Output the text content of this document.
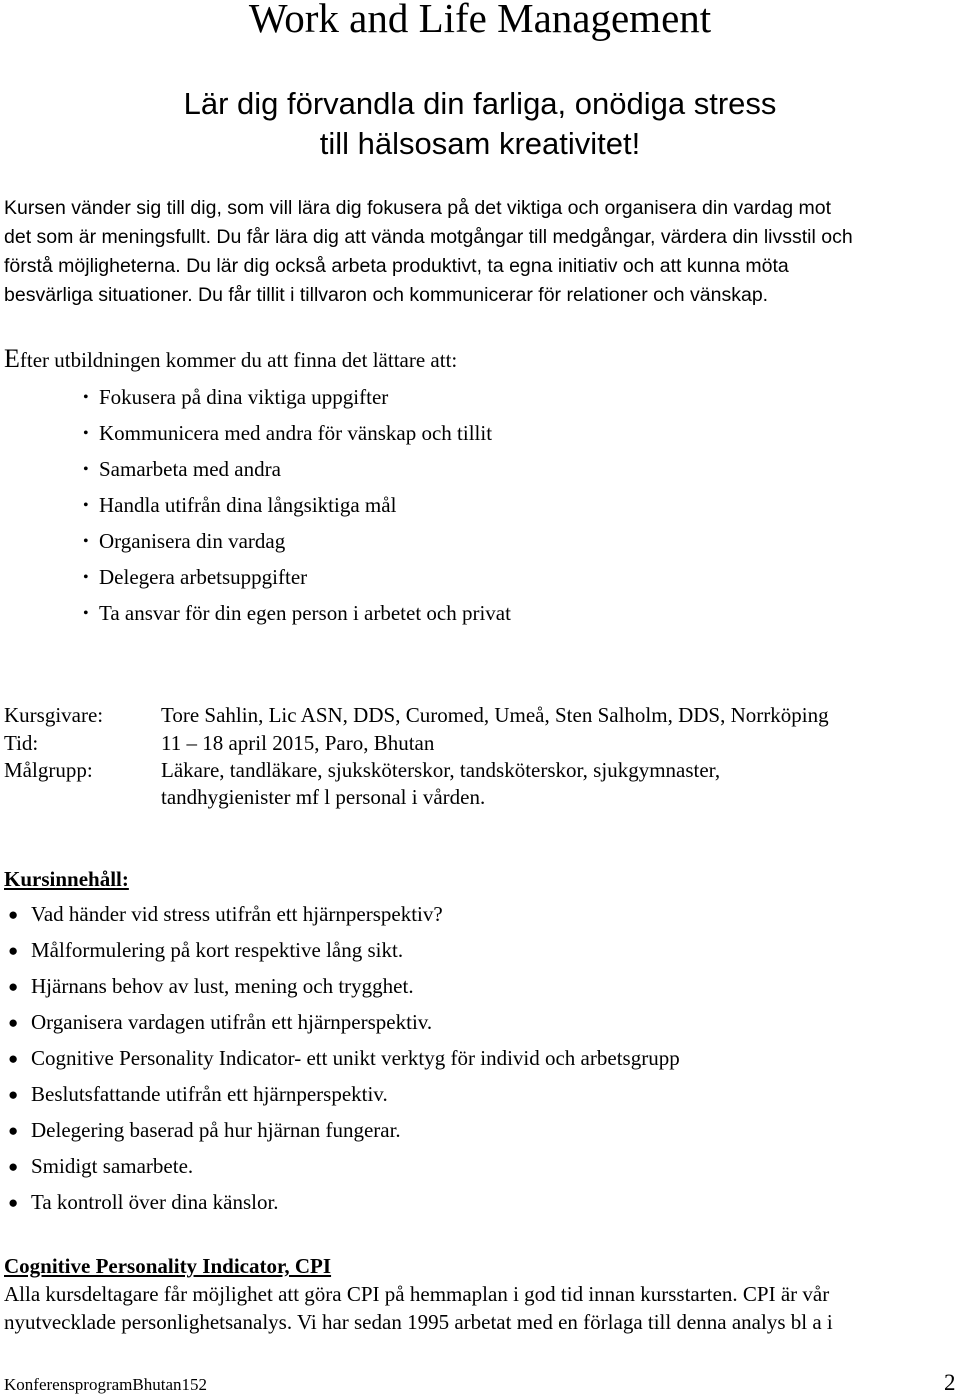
Work and Life Management
Lär dig förvandla din farliga, onödiga stress
till hälsosam kreativitet!
Kursen vänder sig till dig, som vill lära dig fokusera på det viktiga och organisera din vardag mot
det som är meningsfullt. Du får lära dig att vända motgångar till medgångar, värdera din livsstil och
förstå möjligheterna. Du lär dig också arbeta produktivt, ta egna initiativ och att kunna möta
besvärliga situationer. Du får tillit i tillvaron och kommunicerar för relationer och vänskap.
Efter utbildningen kommer du att finna det lättare att:
• Fokusera på dina viktiga uppgifter
• Kommunicera med andra för vänskap och tillit
• Samarbeta med andra
• Handla utifrån dina långsiktiga mål
• Organisera din vardag
• Delegera arbetsuppgifter
• Ta ansvar för din egen person i arbetet och privat
Kursgivare:	Tore Sahlin, Lic ASN, DDS, Curomed, Umeå, Sten Salholm, DDS, Norrköping
Tid:	11 – 18 april 2015, Paro, Bhutan
Målgrupp:	Läkare, tandläkare, sjuksköterskor, tandsköterskor, sjukgymnaster,
tandhygienister mf l personal i vården.
Kursinnehåll:
● Vad händer vid stress utifrån ett hjärnperspektiv?
● Målformulering på kort respektive lång sikt.
● Hjärnans behov av lust, mening och trygghet.
● Organisera vardagen utifrån ett hjärnperspektiv.
● Cognitive Personality Indicator- ett unikt verktyg för individ och arbetsgrupp
● Beslutsfattande utifrån ett hjärnperspektiv.
● Delegering baserad på hur hjärnan fungerar.
● Smidigt samarbete.
● Ta kontroll över dina känslor.
Cognitive Personality Indicator, CPI
Alla kursdeltagare får möjlighet att göra CPI på hemmaplan i god tid innan kursstarten. CPI är vår
nyutvecklade personlighetsanalys. Vi har sedan 1995 arbetat med en förlaga till denna analys bl a i
KonferensprogramBhutan152	2
